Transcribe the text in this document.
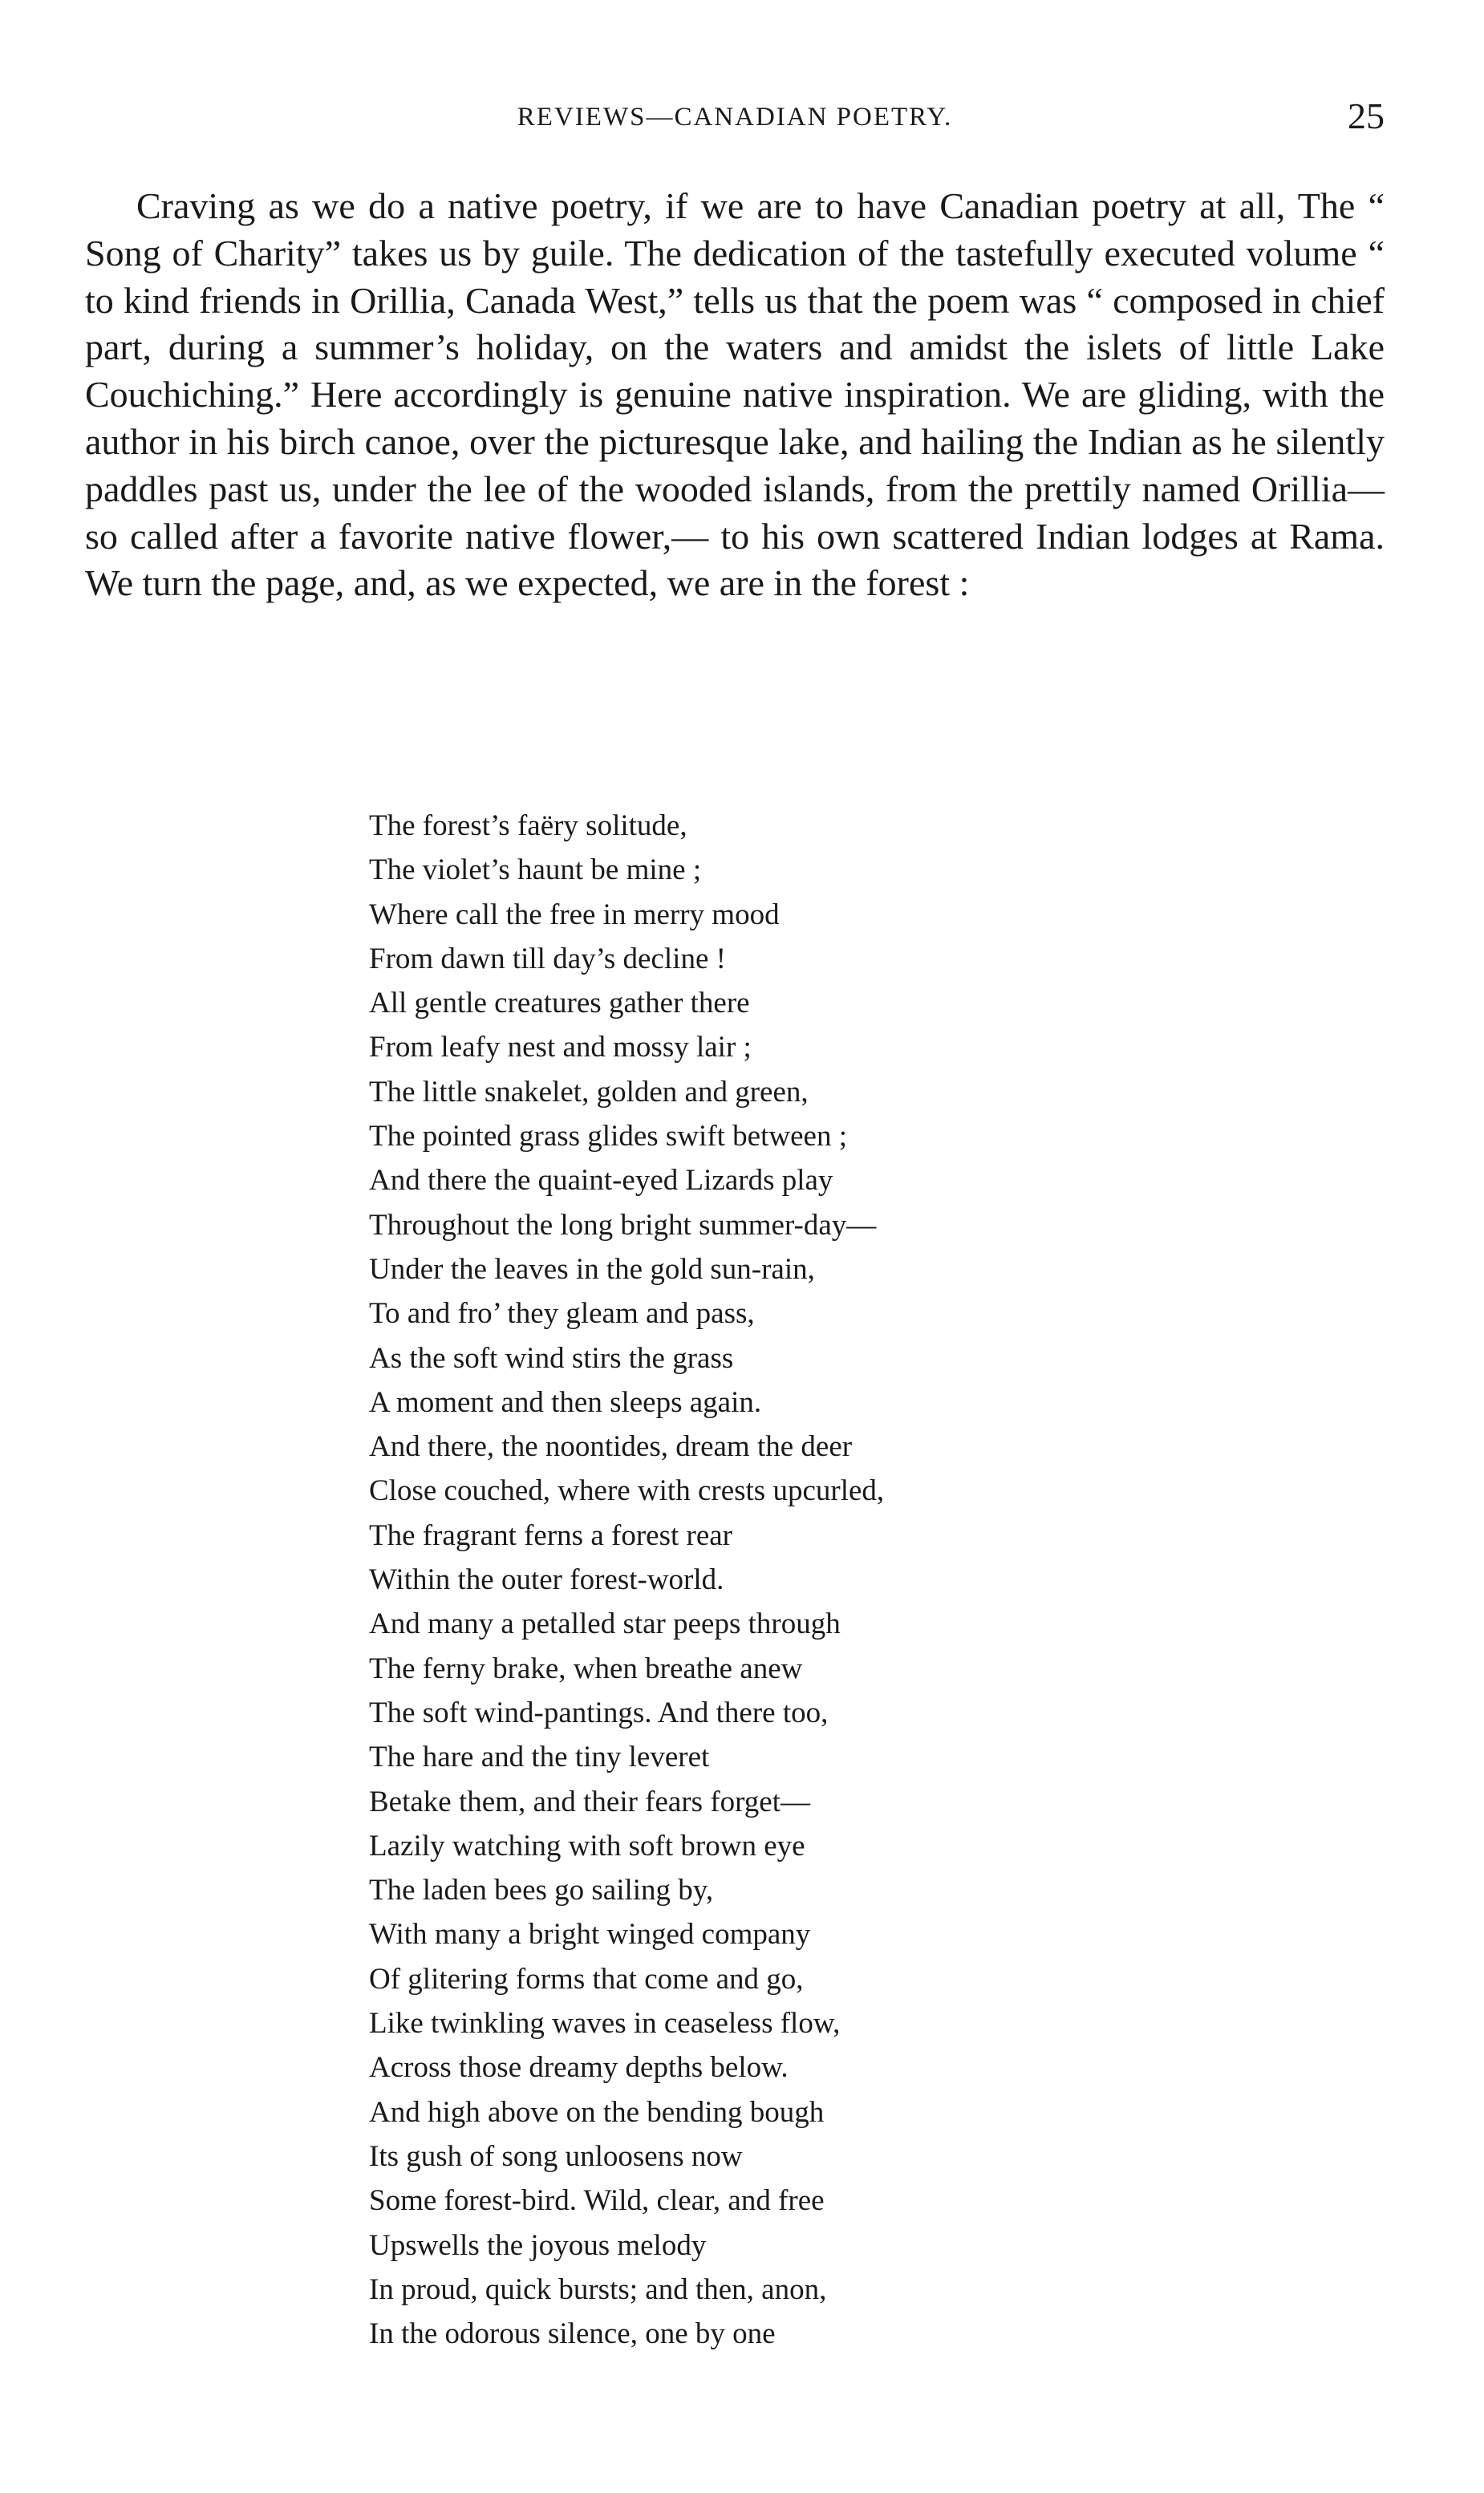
REVIEWS—CANADIAN POETRY.	25

Craving as we do a native poetry, if we are to have Canadian poetry at all, The “ Song of Charity” takes us by guile. The dedication of the tastefully executed volume “ to kind friends in Orillia, Canada West,” tells us that the poem was “ composed in chief part, during a summer’s holiday, on the waters and amidst the islets of little Lake Couchiching.” Here accordingly is genuine native inspiration. We are gliding, with the author in his birch canoe, over the picturesque lake, and hailing the Indian as he silently paddles past us, under the lee of the wooded islands, from the prettily named Orillia—so called after a favorite native flower,— to his own scattered Indian lodges at Rama. We turn the page, and, as we expected, we are in the forest :

The forest’s faëry solitude,
The violet’s haunt be mine ;
Where call the free in merry mood
From dawn till day’s decline !
All gentle creatures gather there
From leafy nest and mossy lair ;
The little snakelet, golden and green,
The pointed grass glides swift between ;
And there the quaint-eyed Lizards play
Throughout the long bright summer-day—
Under the leaves in the gold sun-rain,
To and fro’ they gleam and pass,
As the soft wind stirs the grass
A moment and then sleeps again.
And there, the noontides, dream the deer
Close couched, where with crests upcurled,
The fragrant ferns a forest rear
Within the outer forest-world.
And many a petalled star peeps through
The ferny brake, when breathe anew
The soft wind-pantings. And there too,
The hare and the tiny leveret
Betake them, and their fears forget—
Lazily watching with soft brown eye
The laden bees go sailing by,
With many a bright winged company
Of glitering forms that come and go,
Like twinkling waves in ceaseless flow,
Across those dreamy depths below.
And high above on the bending bough
Its gush of song unloosens now
Some forest-bird. Wild, clear, and free
Upswells the joyous melody
In proud, quick bursts; and then, anon,
In the odorous silence, one by one
